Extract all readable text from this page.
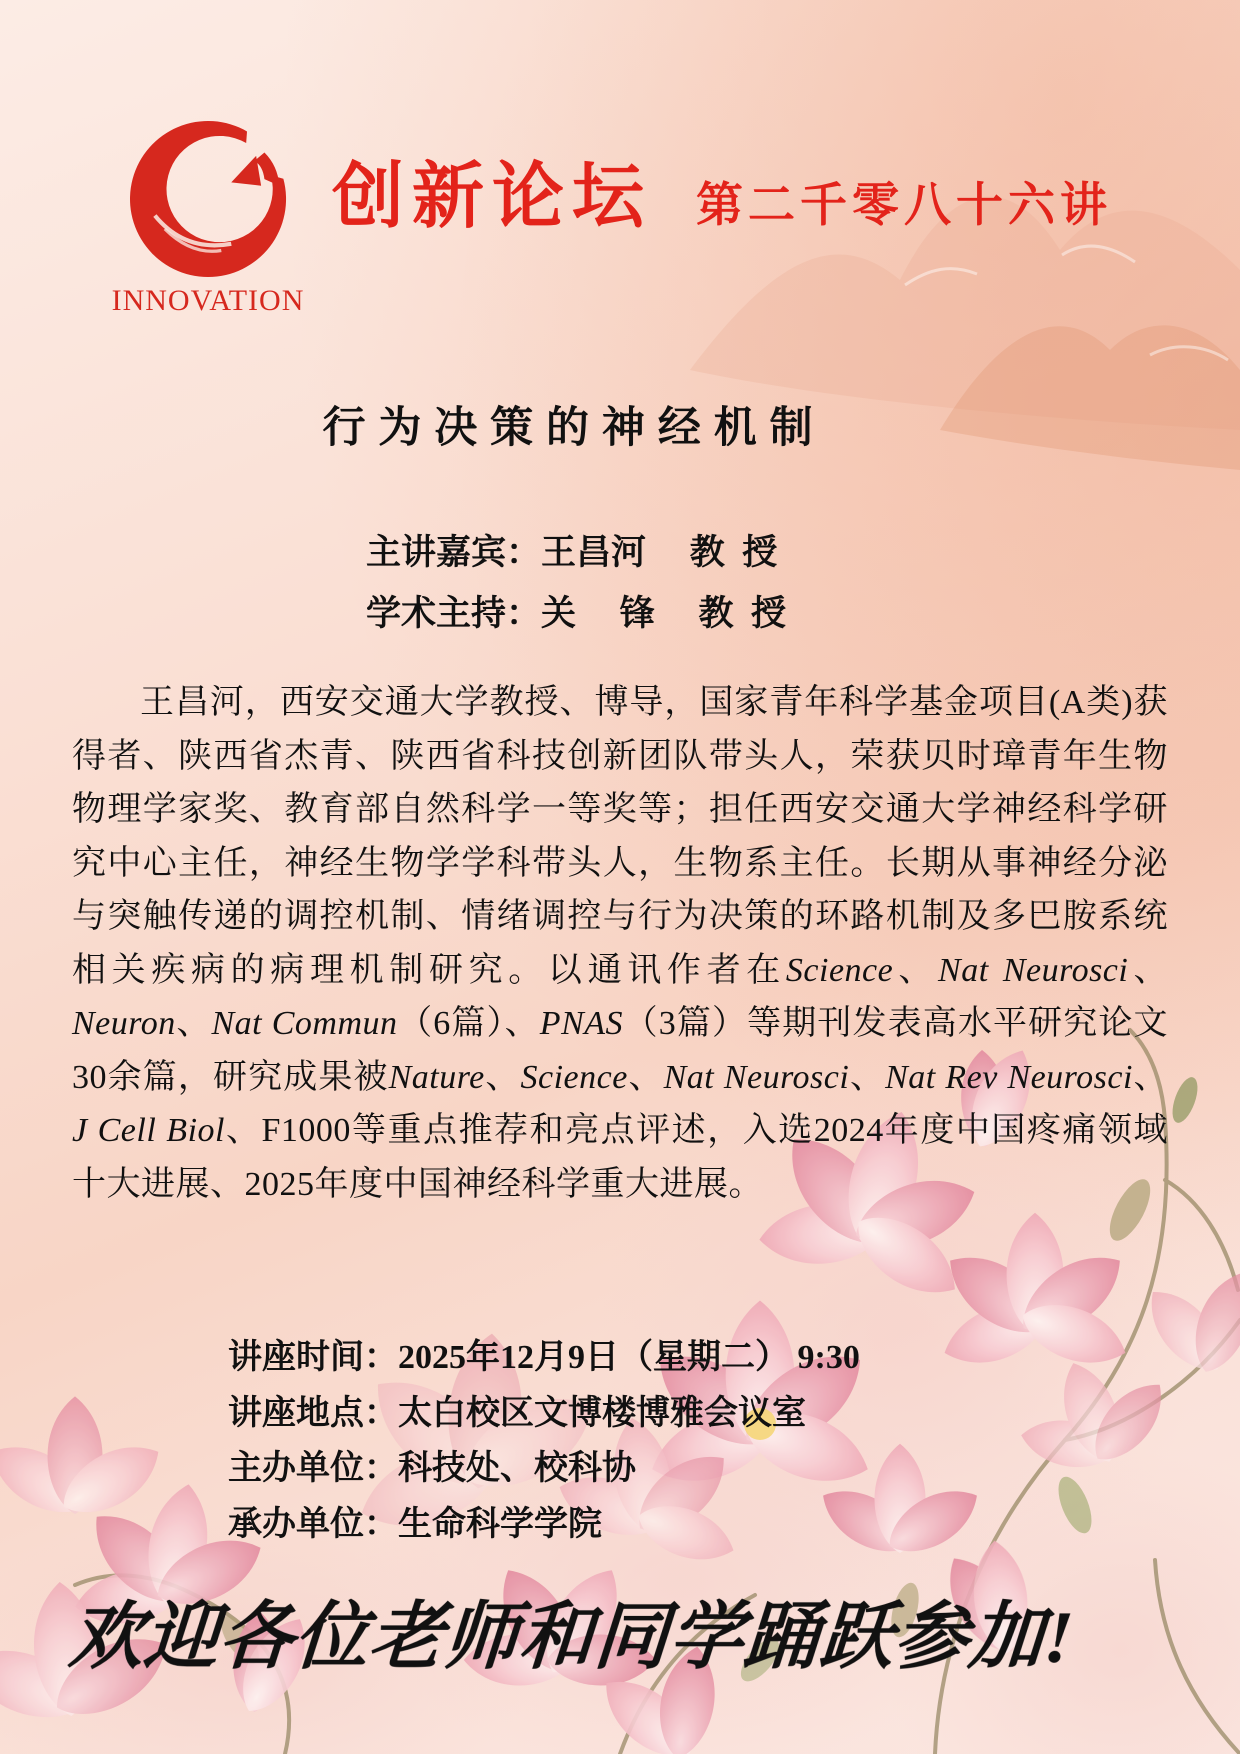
INNOVATION
创新论坛 第二千零八十六讲
行为决策的神经机制
主讲嘉宾：王昌河　 教  授
学术主持：关　 锋　 教  授

王昌河，西安交通大学教授、博导，国家青年科学基金项目(A类)获得者、陕西省杰青、陕西省科技创新团队带头人，荣获贝时璋青年生物物理学家奖、教育部自然科学一等奖等；担任西安交通大学神经科学研究中心主任，神经生物学学科带头人，生物系主任。长期从事神经分泌与突触传递的调控机制、情绪调控与行为决策的环路机制及多巴胺系统相关疾病的病理机制研究。以通讯作者在Science、Nat Neurosci、Neuron、Nat Commun（6篇）、PNAS（3篇）等期刊发表高水平研究论文30余篇，研究成果被Nature、Science、Nat Neurosci、Nat Rev Neurosci、J Cell Biol、F1000等重点推荐和亮点评述，入选2024年度中国疼痛领域十大进展、2025年度中国神经科学重大进展。

讲座时间：2025年12月9日（星期二） 9:30
讲座地点：太白校区文博楼博雅会议室
主办单位：科技处、校科协
承办单位：生命科学学院
欢迎各位老师和同学踊跃参加!
